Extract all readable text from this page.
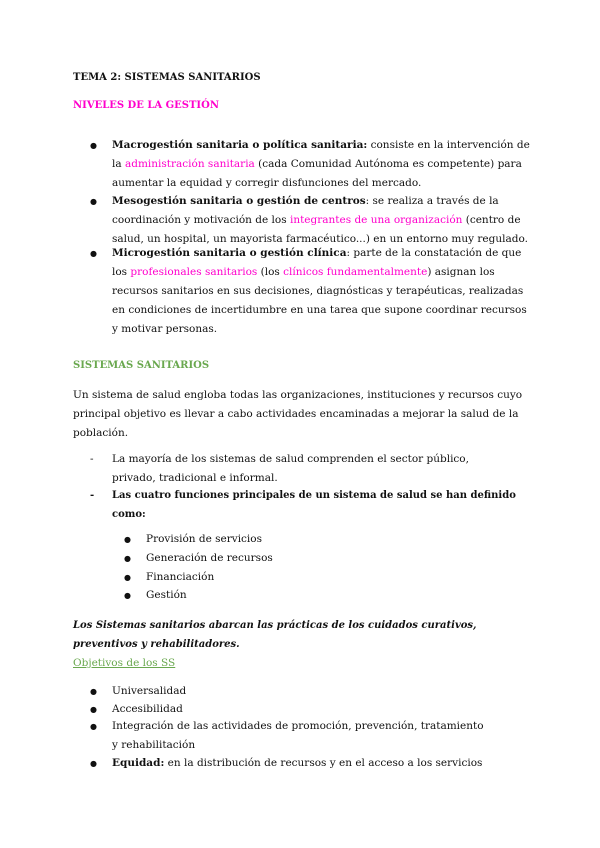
TEMA 2: SISTEMAS SANITARIOS

NIVELES DE LA GESTIÓN

● Macrogestión sanitaria o política sanitaria: consiste en la intervención de la administración sanitaria (cada Comunidad Autónoma es competente) para aumentar la equidad y corregir disfunciones del mercado.
● Mesogestión sanitaria o gestión de centros: se realiza a través de la coordinación y motivación de los integrantes de una organización (centro de salud, un hospital, un mayorista farmacéutico...) en un entorno muy regulado.
● Microgestión sanitaria o gestión clínica: parte de la constatación de que los profesionales sanitarios (los clínicos fundamentalmente) asignan los recursos sanitarios en sus decisiones, diagnósticas y terapéuticas, realizadas en condiciones de incertidumbre en una tarea que supone coordinar recursos y motivar personas.

SISTEMAS SANITARIOS

Un sistema de salud engloba todas las organizaciones, instituciones y recursos cuyo principal objetivo es llevar a cabo actividades encaminadas a mejorar la salud de la población.

- La mayoría de los sistemas de salud comprenden el sector público, privado, tradicional e informal.
- Las cuatro funciones principales de un sistema de salud se han definido como:
● Provisión de servicios
● Generación de recursos
● Financiación
● Gestión

Los Sistemas sanitarios abarcan las prácticas de los cuidados curativos, preventivos y rehabilitadores.

Objetivos de los SS

● Universalidad
● Accesibilidad
● Integración de las actividades de promoción, prevención, tratamiento y rehabilitación
● Equidad: en la distribución de recursos y en el acceso a los servicios
